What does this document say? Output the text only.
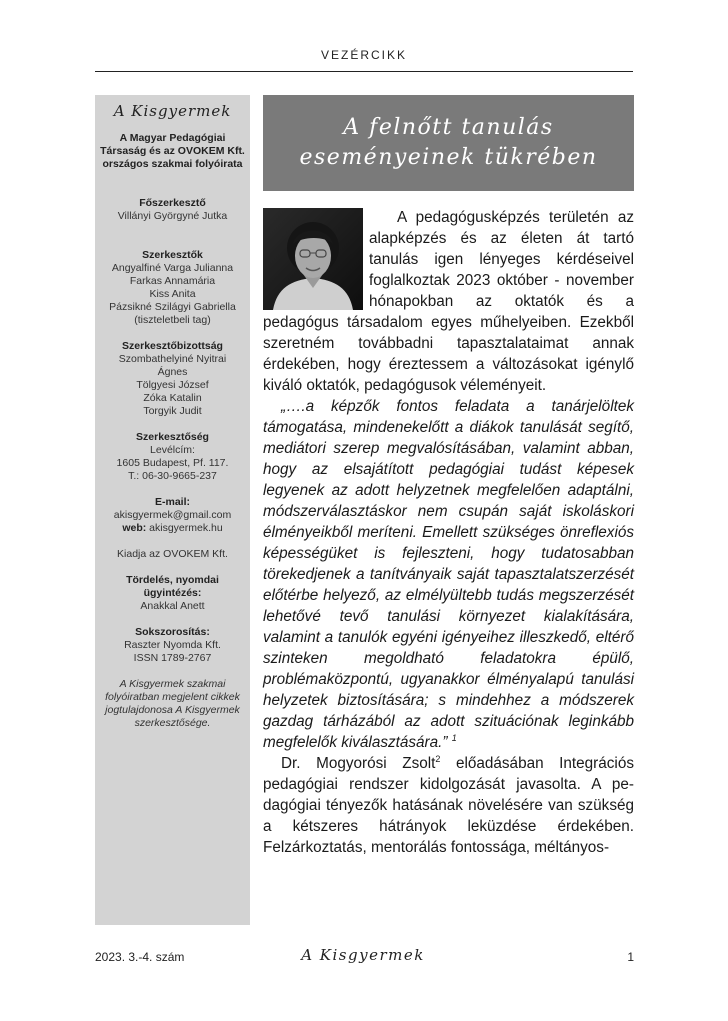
VEZÉRCIKK
A Kisgyermek
A Magyar Pedagógiai Társaság és az OVOKEM Kft. országos szakmai folyóirata
Főszerkesztő
Villányi Györgyné Jutka
Szerkesztők
Angyalfiné Varga Julianna
Farkas Annamária
Kiss Anita
Pázsikné Szilágyi Gabriella
(tiszteletbeli tag)
Szerkesztőbizottság
Szombathelyiné Nyitrai
Ágnes
Tölgyesi József
Zóka Katalin
Torgyik Judit
Szerkesztőség
Levélcím:
1605 Budapest, Pf. 117.
T.: 06-30-9665-237
E-mail:
akisgyermek@gmail.com
web: akisgyermek.hu
Kiadja az OVOKEM Kft.
Tördelés, nyomdai ügyintézés:
Anakkal Anett
Sokszorosítás:
Raszter Nyomda Kft.
ISSN 1789-2767
A Kisgyermek szakmai folyóiratban megjelent cikkek jogtulajdonosa A Kisgyermek szerkesztősége.
A felnőtt tanulás
eseményeinek tükrében

A pedagógusképzés területén az alapképzés és az életen át tartó tanulás igen lényeges kérdéseivel foglalkoztak 2023 október - november hónapokban az oktatók és a pedagógus társadalom egyes műhelyeiben. Ezekből szeretném továbbadni tapasztalataimat annak érdekében, hogy éreztessem a változásokat igénylő kiváló oktatók, pedagógusok véleményeit.

„….a képzők fontos feladata a tanárjelöltek támogatása, mindenekelőtt a diákok tanulását segítő, mediátori szerep megvalósításában, valamint abban, hogy az elsajátított pedagógiai tudást képesek legyenek az adott helyzetnek megfelelően adaptálni, módszerválasztáskor nem csupán saját iskoláskori élményeikből meríteni. Emellett szükséges önreflexiós képességüket is fejleszteni, hogy tudatosabban törekedjenek a tanítványaik saját tapasztalatszerzését előtérbe helyező, az elmélyültebb tudás megszerzését lehetővé tevő tanulási környezet kialakítására, valamint a tanulók egyéni igényeihez illeszkedő, eltérő szinteken megoldható feladatokra épülő, problémaközpontú, ugyanakkor élményalapú tanulási helyzetek biztosítására; s mindehhez a módszerek gazdag tárházából az adott szituációnak leginkább megfelelők kiválasztására.” $^1$

Dr. Mogyorósi Zsolt$^2$ előadásában Integrációs pedagógiai rendszer kidolgozását javasolta. A pedagógiai tényezők hatásának növelésére van szükség a kétszeres hátrányok leküzdése érdekében. Felzárkoztatás, mentorálás fontossága, méltányos-

2023. 3.-4. szám	A Kisgyermek	1
